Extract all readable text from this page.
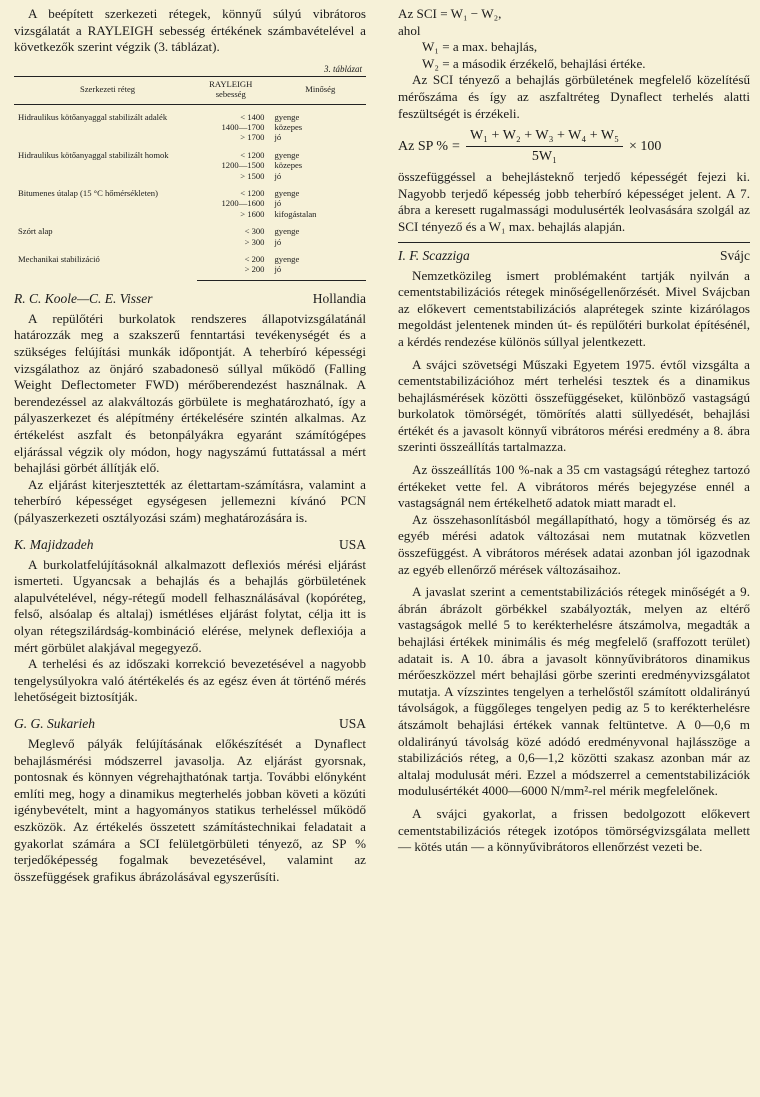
A beépített szerkezeti rétegek, könnyű súlyú vibrátoros vizsgálatát a RAYLEIGH sebesség értékének számbavételével a következők szerint végzik (3. táblázat).

3. táblázat
Szerkezeti réteg	RAYLEIGH sebesség	Minőség
Hidraulikus kötőanyaggal stabilizált adalék	< 1400	gyenge
	1400—1700	közepes
	> 1700	jó
Hidraulikus kötőanyaggal stabilizált homok	< 1200	gyenge
	1200—1500	közepes
	> 1500	jó
Bitumenes útalap (15 °C hőmérsékleten)	< 1200	gyenge
	1200—1600	jó
	> 1600	kifogástalan
Szórt alap	< 300	gyenge
	> 300	jó
Mechanikai stabilizáció	< 200	gyenge
	> 200	jó
R. C. Koole—C. E. Visser	Hollandia

A repülőtéri burkolatok rendszeres állapotvizsgálatánál határozzák meg a szakszerű fenntartási tevékenységét és a szükséges felújítási munkák időpontját. A teherbíró képességi vizsgálathoz az önjáró szabadonesö súllyal működő (Falling Weight Deflectometer FWD) mérőberendezést használnak. A berendezéssel az alakváltozás görbülete is meghatározható, így a pályaszerkezet és alépítmény értékelésére szintén alkalmas. Az értékelést aszfalt és betonpályákra egyaránt számítógépes eljárással végzik oly módon, hogy nagyszámú futtatással a mért behajlási görbét állítják elő.

Az eljárást kiterjesztették az élettartam-számításra, valamint a teherbíró képességet egységesen jellemezni kívánó PCN (pályaszerkezeti osztályozási szám) meghatározására is.

K. Majidzadeh	USA

A burkolatfelújításoknál alkalmazott deflexiós mérési eljárást ismerteti. Ugyancsak a behajlás és a behajlás görbületének alapulvételével, négy-rétegű modell felhasználásával (kopóréteg, felső, alsóalap és altalaj) ismétléses eljárást folytat, célja itt is olyan rétegszilárdság-kombináció elérése, melynek deflexiója a mért görbület alakjával megegyező.

A terhelési és az időszaki korrekció bevezetésével a nagyobb tengelysúlyokra való átértékelés és az egész éven át történő mérés lehetőségeit biztosítják.

G. G. Sukarieh	USA

Meglevő pályák felújításának előkészítését a Dynaflect behajlásmérési módszerrel javasolja. Az eljárást gyorsnak, pontosnak és könnyen végrehajthatónak tartja. További előnyként említi meg, hogy a dinamikus megterhelés jobban követi a közúti igénybevételt, mint a hagyományos statikus terheléssel működő eszközök. Az értékelés összetett számítástechnikai feladatait a gyakorlat számára a SCI felületgörbületi tényező, az SP % terjedőképesség fogalmak bevezetésével, valamint az összefüggések grafikus ábrázolásával egyszerűsíti.

Az SCI = W₁ − W₂,
ahol
W₁ = a max. behajlás,
W₂ = a második érzékelő, behajlási értéke.

Az SCI tényező a behajlás görbületének megfelelő közelítésű mérőszáma és így az aszfaltréteg Dynaflect terhelés alatti feszültségét is érzékeli.

Az SP % = $\frac{\text{W₁ + W₂ + W₃ + W₄ + W₅}}{\text{5W₁}} \times 100$

összefüggéssel a behejlásteknő terjedő képességét fejezi ki. Nagyobb terjedő képesség jobb teherbíró képességet jelent. A 7. ábra a keresett rugalmassági modulusérték leolvasására szolgál az SCI tényező és a W₁ max. behajlás alapján.

I. F. Scazziga	Svájc

Nemzetközileg ismert problémaként tartják nyilván a cementstabilizációs rétegek minőségellenőrzését. Mivel Svájcban az előkevert cementstabilizációs alaprétegek szinte kizárólagos megoldást jelentenek minden út- és repülőtéri burkolat építésénél, a kérdés rendezése különös súllyal jelentkezett.

A svájci szövetségi Műszaki Egyetem 1975. évtől vizsgálta a cementstabilizációhoz mért terhelési tesztek és a dinamikus behajlásmérések közötti összefüggéseket, különböző vastagságú burkolatok tömörségét, tömörítés alatti süllyedését, behajlási értékét és a javasolt könnyű vibrátoros mérési eredmény a 8. ábra szerinti összeállítás tartalmazza.

Az összeállítás 100 %-nak a 35 cm vastagságú réteghez tartozó értékeket vette fel. A vibrátoros mérés bejegyzése ennél a vastagságnál nem értékelhető adatok miatt maradt el.

Az összehasonlításból megállapítható, hogy a tömörség és az egyéb mérési adatok változásai nem mutatnak közvetlen összefüggést. A vibrátoros mérések adatai azonban jól igazodnak az egyéb ellenőrző mérések változásaihoz.

A javaslat szerint a cementstabilizációs rétegek minőségét a 9. ábrán ábrázolt görbékkel szabályozták, melyen az eltérő vastagságok mellé 5 to kerékterhelésre átszámolva, megadták a behajlási értékek minimális és még megfelelő (sraffozott terület) adatait is. A 10. ábra a javasolt könnyűvibrátoros dinamikus mérőeszközzel mért behajlási görbe szerinti eredményvizsgálatot mutatja. A vízszintes tengelyen a terhelőstől számított oldalirányú távolságok, a függőleges tengelyen pedig az 5 to kerékterhelésre átszámolt behajlási értékek vannak feltüntetve. A 0—0,6 m oldalirányú távolság közé adódó eredményvonal hajlásszöge a stabilizációs réteg, a 0,6—1,2 közötti szakasz azonban már az altalaj modulusát méri. Ezzel a módszerrel a cementstabilizációk modulusértékét 4000—6000 N/mm²-rel mérik megfelelőnek.

A svájci gyakorlat, a frissen bedolgozott előkevert cementstabilizációs rétegek izotópos tömörségvizsgálata mellett — kötés után — a könnyűvibrátoros ellenőrzést vezeti be.
